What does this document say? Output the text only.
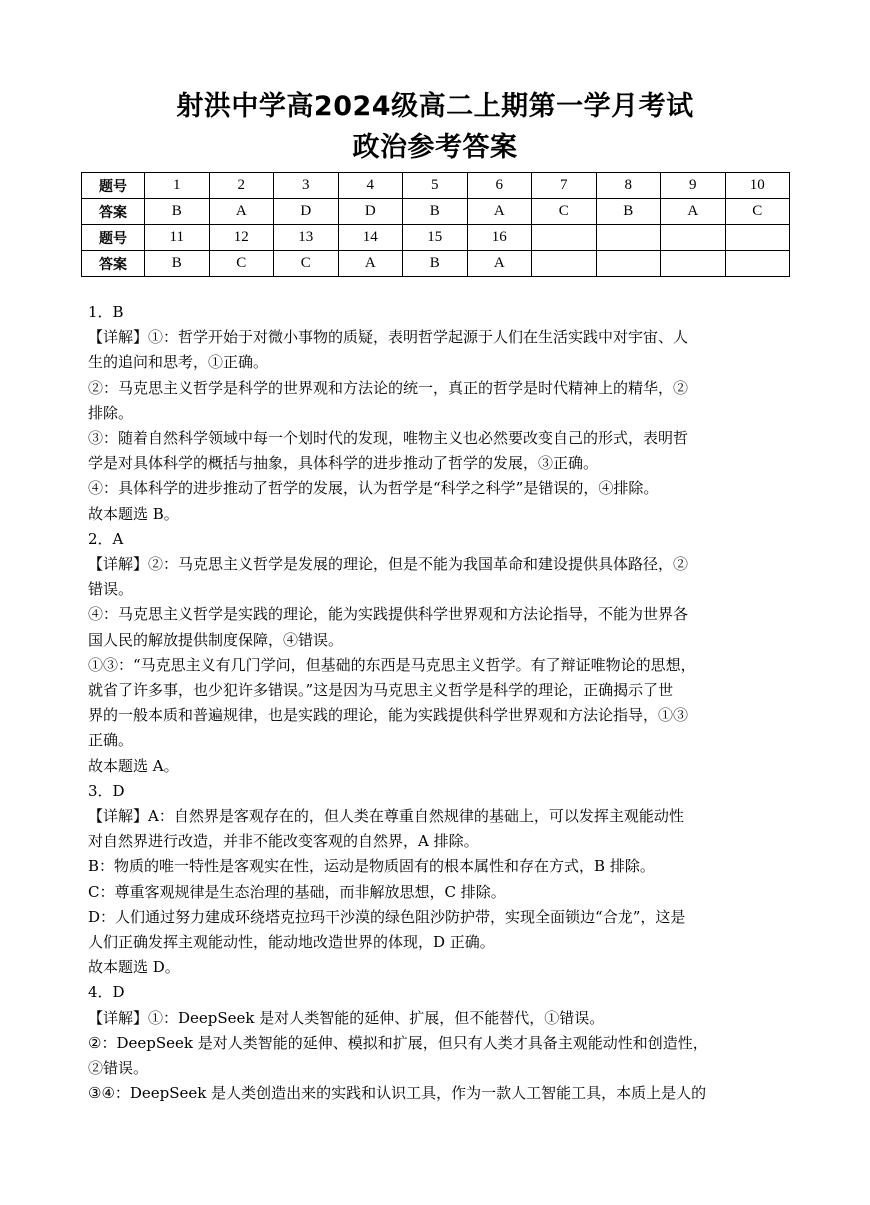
射洪中学高2024级高二上期第一学月考试
政治参考答案
题号	1	2	3	4	5	6	7	8	9	10
答案	B	A	D	D	B	A	C	B	A	C
题号	11	12	13	14	15	16				
答案	B	C	C	A	B	A				
1．B
【详解】①：哲学开始于对微小事物的质疑，表明哲学起源于人们在生活实践中对宇宙、人
生的追问和思考，①正确。
②：马克思主义哲学是科学的世界观和方法论的统一，真正的哲学是时代精神上的精华，②
排除。
③：随着自然科学领域中每一个划时代的发现，唯物主义也必然要改变自己的形式，表明哲
学是对具体科学的概括与抽象，具体科学的进步推动了哲学的发展，③正确。
④：具体科学的进步推动了哲学的发展，认为哲学是“科学之科学”是错误的，④排除。
故本题选 B。
2．A
【详解】②：马克思主义哲学是发展的理论，但是不能为我国革命和建设提供具体路径，②
错误。
④：马克思主义哲学是实践的理论，能为实践提供科学世界观和方法论指导，不能为世界各
国人民的解放提供制度保障，④错误。
①③：“马克思主义有几门学问，但基础的东西是马克思主义哲学。有了辩证唯物论的思想，
就省了许多事，也少犯许多错误。”这是因为马克思主义哲学是科学的理论，正确揭示了世
界的一般本质和普遍规律，也是实践的理论，能为实践提供科学世界观和方法论指导，①③
正确。
故本题选 A。
3．D
【详解】A：自然界是客观存在的，但人类在尊重自然规律的基础上，可以发挥主观能动性
对自然界进行改造，并非不能改变客观的自然界，A 排除。
B：物质的唯一特性是客观实在性，运动是物质固有的根本属性和存在方式，B 排除。
C：尊重客观规律是生态治理的基础，而非解放思想，C 排除。
D：人们通过努力建成环绕塔克拉玛干沙漠的绿色阻沙防护带，实现全面锁边“合龙”，这是
人们正确发挥主观能动性，能动地改造世界的体现，D 正确。
故本题选 D。
4．D
【详解】①：DeepSeek 是对人类智能的延伸、扩展，但不能替代，①错误。
②：DeepSeek 是对人类智能的延伸、模拟和扩展，但只有人类才具备主观能动性和创造性，
②错误。
③④：DeepSeek 是人类创造出来的实践和认识工具，作为一款人工智能工具，本质上是人的
